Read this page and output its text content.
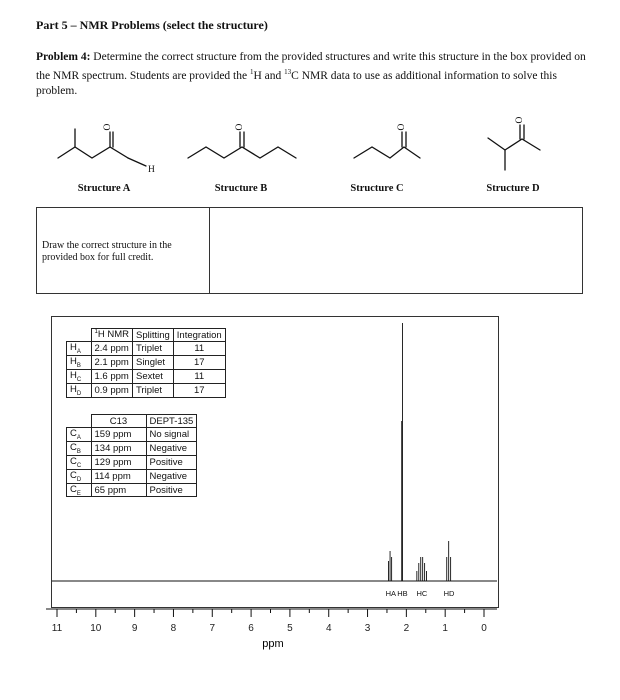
Part 5 – NMR Problems (select the structure)
Problem 4: Determine the correct structure from the provided structures and write this structure in the box provided on the NMR spectrum. Students are provided the $^1$H and $^{13}$C NMR data to use as additional information to solve this problem.
O
H
O	O
O
Structure A	Structure B	Structure C	Structure D
Draw the correct structure in the provided box for full credit.
	$^1$H NMR	Splitting	Integration
$H_A$	2.4 ppm	Triplet	11
$H_B$	2.1 ppm	Singlet	17
$H_C$	1.6 ppm	Sextet	11
$H_D$	0.9 ppm	Triplet	17
	C13	DEPT-135
$C_A$	159 ppm	No signal
$C_B$	134 ppm	Negative
$C_C$	129 ppm	Positive
$C_D$	114 ppm	Negative
$C_E$	65 ppm	Positive
11	10	9	8	7	6	5	4	3	2	1	0
HA HB HC HD
ppm
